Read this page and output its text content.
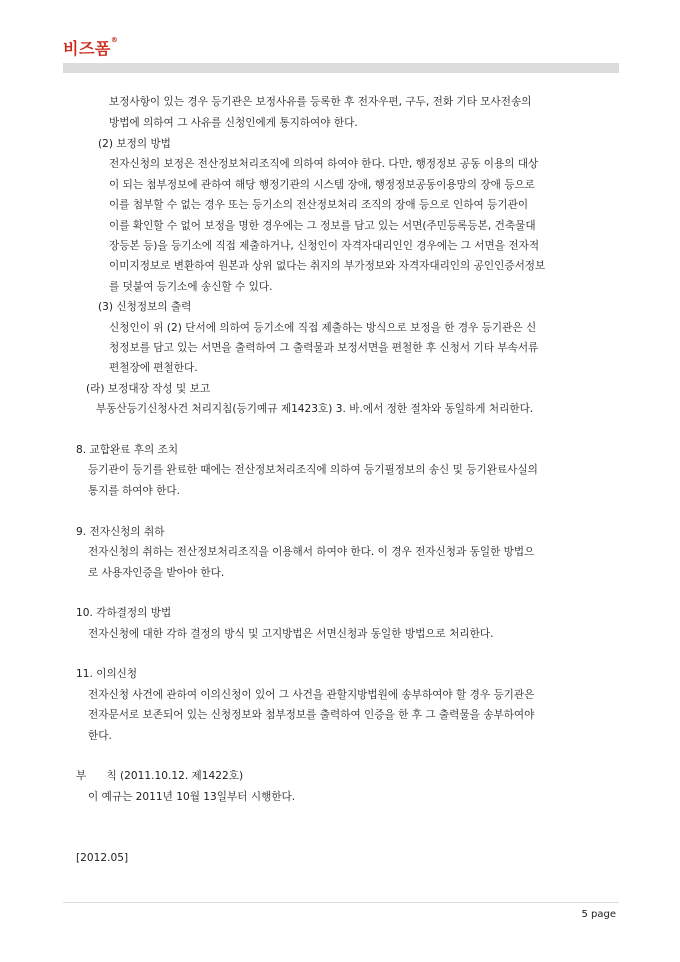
비즈폼®
보정사항이 있는 경우 등기관은 보정사유를 등록한 후 전자우편, 구두, 전화 기타 모사전송의
방법에 의하여 그 사유를 신청인에게 통지하여야 한다.
(2) 보정의 방법
전자신청의 보정은 전산정보처리조직에 의하여 하여야 한다. 다만, 행정정보 공동 이용의 대상
이 되는 첨부정보에 관하여 해당 행정기관의 시스템 장애, 행정정보공동이용망의 장애 등으로
이를 첨부할 수 없는 경우 또는 등기소의 전산정보처리 조직의 장애 등으로 인하여 등기관이
이를 확인할 수 없어 보정을 명한 경우에는 그 정보를 담고 있는 서면(주민등록등본, 건축물대
장등본 등)을 등기소에 직접 제출하거나, 신청인이 자격자대리인인 경우에는 그 서면을 전자적
이미지정보로 변환하여 원본과 상위 없다는 취지의 부가정보와 자격자대리인의 공인인증서정보
를 덧붙여 등기소에 송신할 수 있다.
(3) 신청정보의 출력
신청인이 위 (2) 단서에 의하여 등기소에 직접 제출하는 방식으로 보정을 한 경우 등기관은 신
청정보를 담고 있는 서면을 출력하여 그 출력물과 보정서면을 편철한 후 신청서 기타 부속서류
편철장에 편철한다.
(라) 보정대장 작성 및 보고
부동산등기신청사건 처리지침(등기예규 제1423호) 3. 바.에서 정한 절차와 동일하게 처리한다.
8. 교합완료 후의 조치
등기관이 등기를 완료한 때에는 전산정보처리조직에 의하여 등기필정보의 송신 및 등기완료사실의
통지를 하여야 한다.
9. 전자신청의 취하
전자신청의 취하는 전산정보처리조직을 이용해서 하여야 한다. 이 경우 전자신청과 동일한 방법으
로 사용자인증을 받아야 한다.
10. 각하결정의 방법
전자신청에 대한 각하 결정의 방식 및 고지방법은 서면신청과 동일한 방법으로 처리한다.
11. 이의신청
전자신청 사건에 관하여 이의신청이 있어 그 사건을 관할지방법원에 송부하여야 할 경우 등기관은
전자문서로 보존되어 있는 신청정보와 첨부정보를 출력하여 인증을 한 후 그 출력물을 송부하여야
한다.
부      칙 (2011.10.12. 제1422호)
이 예규는 2011년 10월 13일부터 시행한다.
[2012.05]
5 page
